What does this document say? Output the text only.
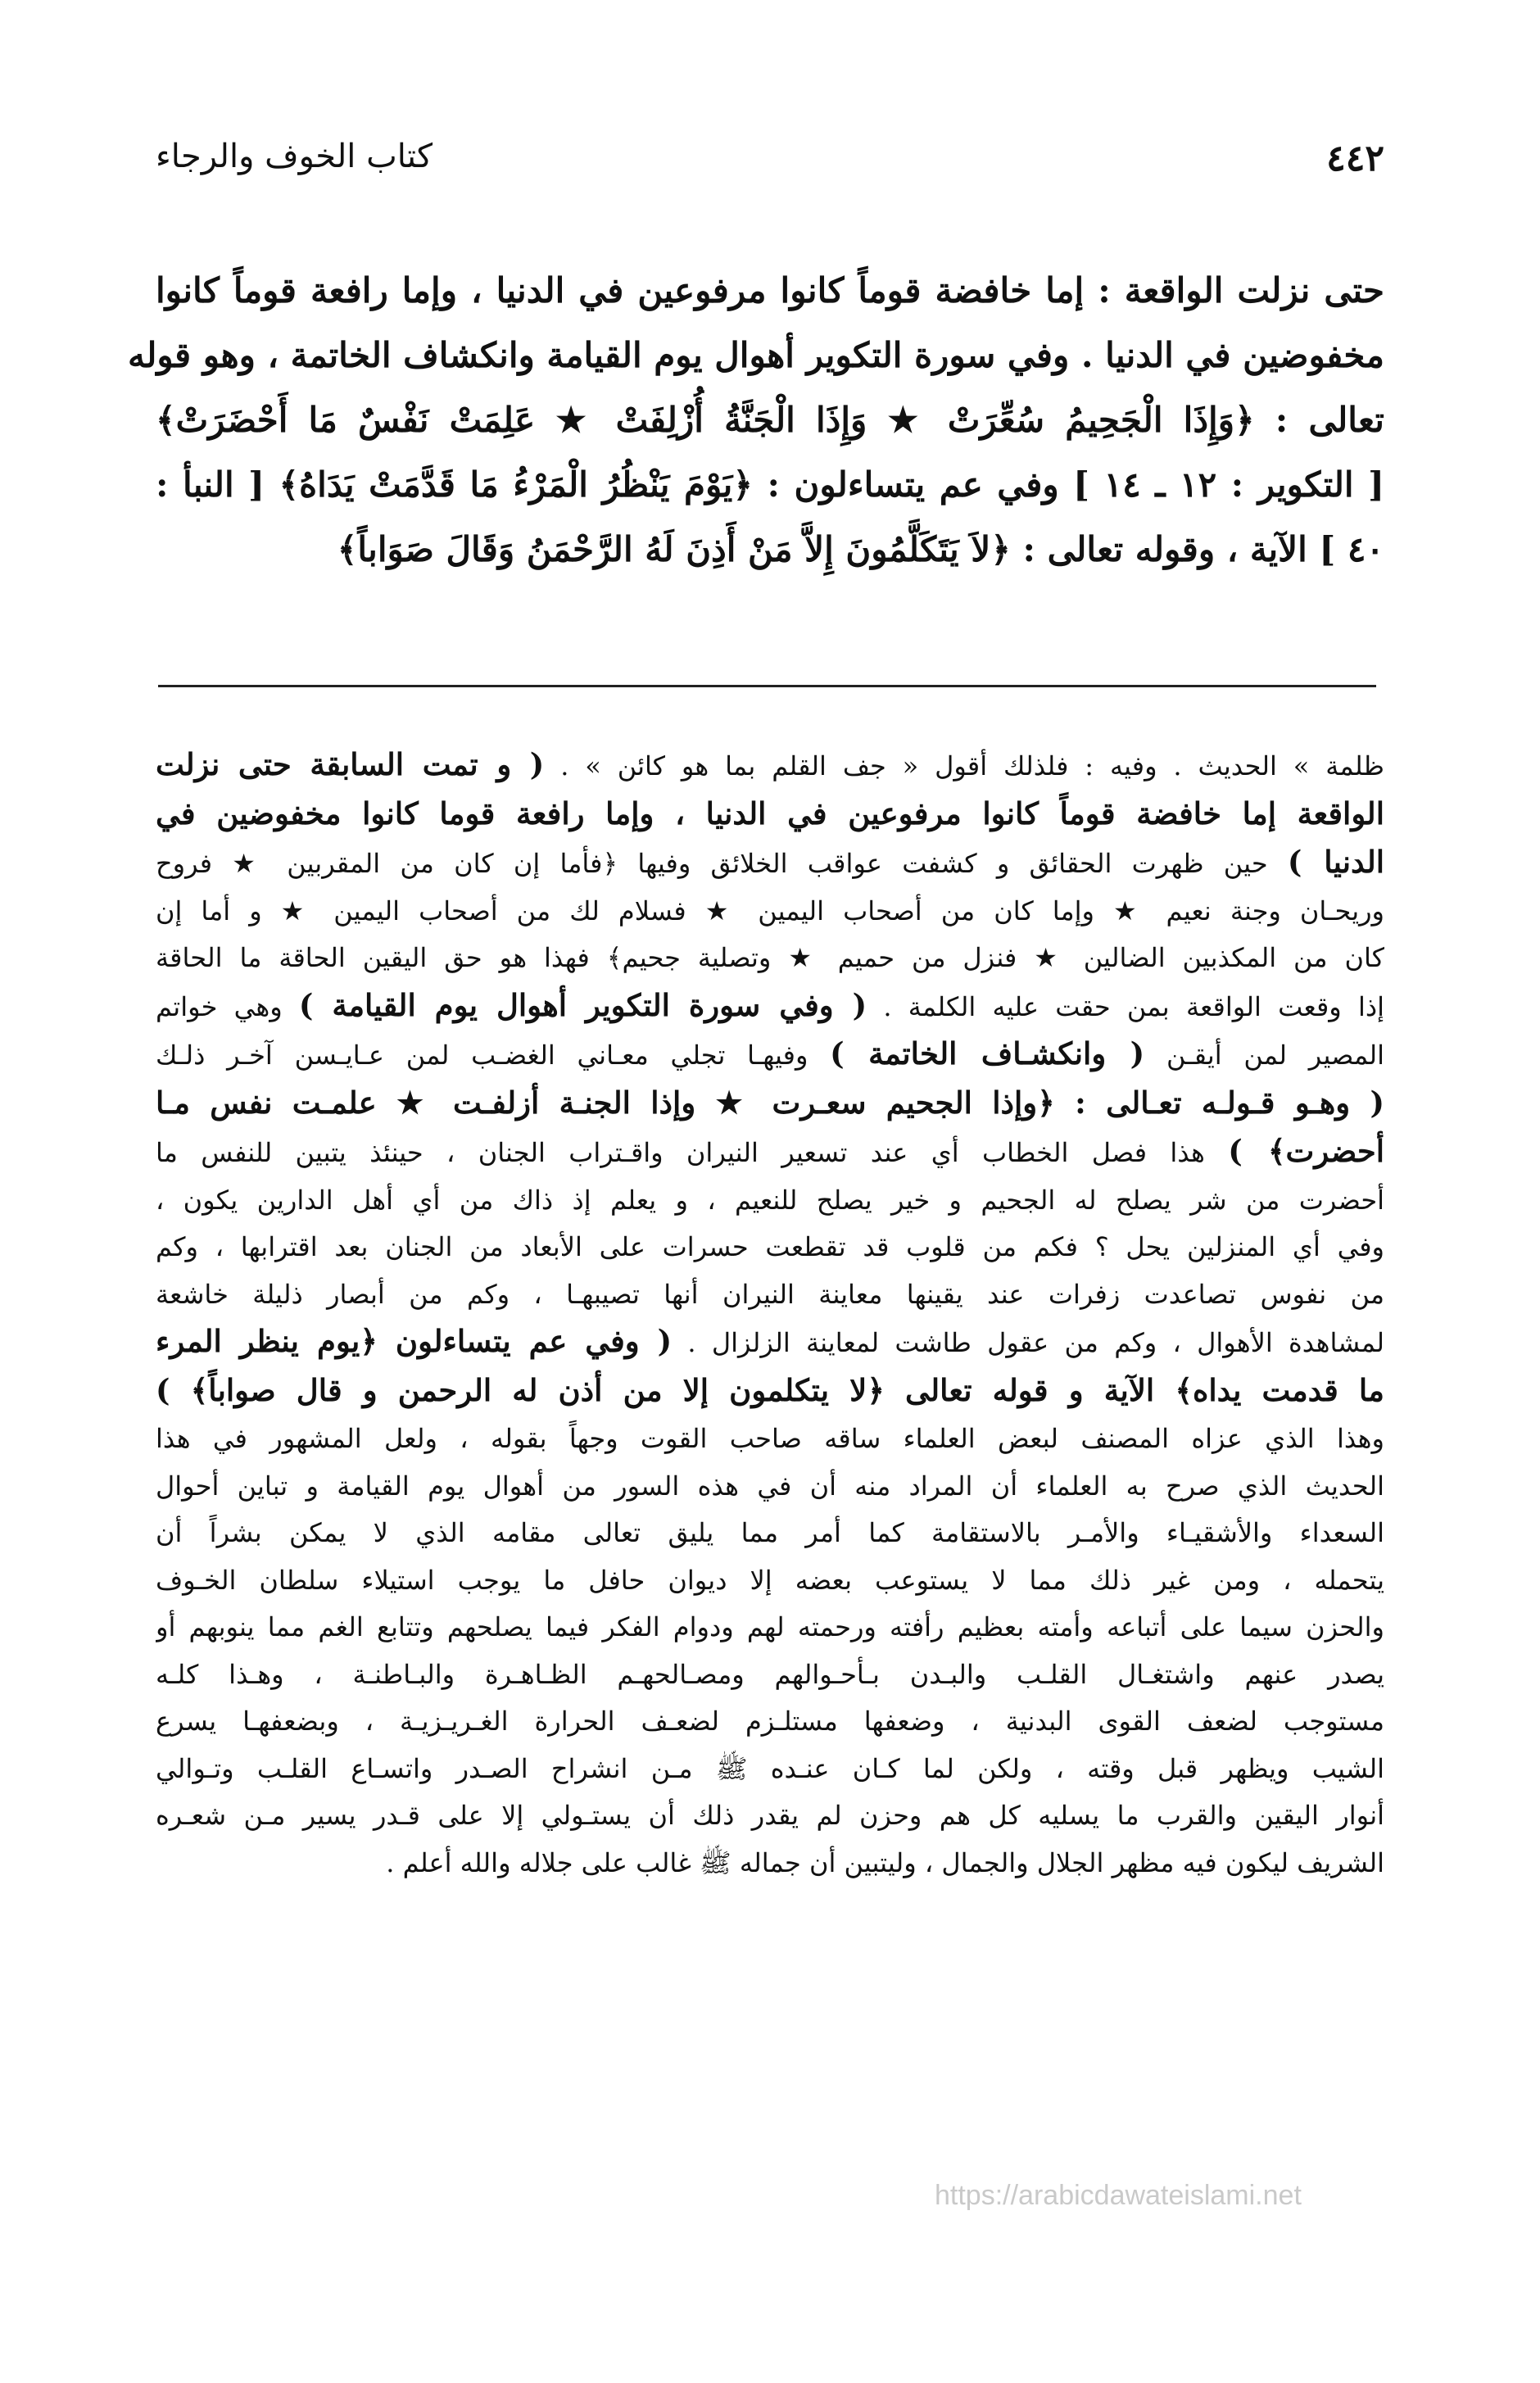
٤٤٢
كتاب الخوف والرجاء
حتى نزلت الواقعة : إما خافضة قوماً كانوا مرفوعين في الدنيا ، وإما رافعة قوماً كانوا
مخفوضين في الدنيا . وفي سورة التكوير أهوال يوم القيامة وانكشاف الخاتمة ، وهو قوله
تعالى : ﴿وَإِذَا الْجَحِيمُ سُعِّرَتْ ★ وَإِذَا الْجَنَّةُ أُزْلِفَتْ ★ عَلِمَتْ نَفْسٌ مَا أَحْضَرَتْ﴾
[ التكوير : ١٢ ـ ١٤ ] وفي عم يتساءلون : ﴿يَوْمَ يَنْظُرُ الْمَرْءُ مَا قَدَّمَتْ يَدَاهُ﴾ [ النبأ :
٤٠ ] الآية ، وقوله تعالى : ﴿لاَ يَتَكَلَّمُونَ إِلاَّ مَنْ أَذِنَ لَهُ الرَّحْمَنُ وَقَالَ صَوَاباً﴾
ظلمة » الحديث . وفيه : فلذلك أقول « جف القلم بما هو كائن » . ( و تمت السابقة حتى نزلت
الواقعة إما خافضة قوماً كانوا مرفوعين في الدنيا ، وإما رافعة قوما كانوا مخفوضين في
الدنيا ) حين ظهرت الحقائق و كشفت عواقب الخلائق وفيها ﴿فأما إن كان من المقربين ★ فروح
وريحـان وجنة نعيم ★ وإما كان من أصحاب اليمين ★ فسلام لك من أصحاب اليمين ★ و أما إن
كان من المكذبين الضالين ★ فنزل من حميم ★ وتصلية جحيم﴾ فهذا هو حق اليقين الحاقة ما الحاقة
إذا وقعت الواقعة بمن حقت عليه الكلمة . ( وفي سورة التكوير أهوال يوم القيامة ) وهي خواتم
المصير لمن أيقـن ( وانكشـاف الخاتمة ) وفيهـا تجلي معـاني الغضـب لمن عـايـسن آخـر ذلـك
( وهـو قـولـه تعـالى : ﴿وإذا الجحيم سعـرت ★ وإذا الجنـة أزلفـت ★ علمـت نفس مـا
أحضرت﴾ ) هذا فصل الخطاب أي عند تسعير النيران واقـتراب الجنان ، حينئذ يتبين للنفس ما
أحضرت من شر يصلح له الجحيم و خير يصلح للنعيم ، و يعلم إذ ذاك من أي أهل الدارين يكون ،
وفي أي المنزلين يحل ؟ فكم من قلوب قد تقطعت حسرات على الأبعاد من الجنان بعد اقترابها ، وكم
من نفوس تصاعدت زفرات عند يقينها معاينة النيران أنها تصيبهـا ، وكم من أبصار ذليلة خاشعة
لمشاهدة الأهوال ، وكم من عقول طاشت لمعاينة الزلزال . ( وفي عم يتساءلون ﴿يوم ينظر المرء
ما قدمت يداه﴾ الآية و قوله تعالى ﴿لا يتكلمون إلا من أذن له الرحمن و قال صواباً﴾ )
وهذا الذي عزاه المصنف لبعض العلماء ساقه صاحب القوت وجهاً بقوله ، ولعل المشهور في هذا
الحديث الذي صرح به العلماء أن المراد منه أن في هذه السور من أهوال يوم القيامة و تباين أحوال
السعداء والأشقيـاء والأمـر بالاستقامة كما أمر مما يليق تعالى مقامه الذي لا يمكن بشراً أن
يتحمله ، ومن غير ذلك مما لا يستوعب بعضه إلا ديوان حافل ما يوجب استيلاء سلطان الخـوف
والحزن سيما على أتباعه وأمته بعظيم رأفته ورحمته لهم ودوام الفكر فيما يصلحهم وتتابع الغم مما ينوبهم أو
يصدر عنهم واشتغـال القلـب والبـدن بـأحـوالهم ومصـالحهـم الظـاهـرة والبـاطنـة ، وهـذا كلـه
مستوجب لضعف القوى البدنية ، وضعفها مستلـزم لضعـف الحرارة الغـريـزيـة ، وبضعفهـا يسرع
الشيب ويظهر قبل وقته ، ولكن لما كـان عنـده ﷺ مـن انشراح الصـدر واتسـاع القلـب وتـوالي
أنوار اليقين والقرب ما يسليه كل هم وحزن لم يقدر ذلك أن يستـولي إلا على قـدر يسير مـن شعـره
الشريف ليكون فيه مظهر الجلال والجمال ، وليتبين أن جماله ﷺ غالب على جلاله والله أعلم .
https://arabicdawateislami.net
